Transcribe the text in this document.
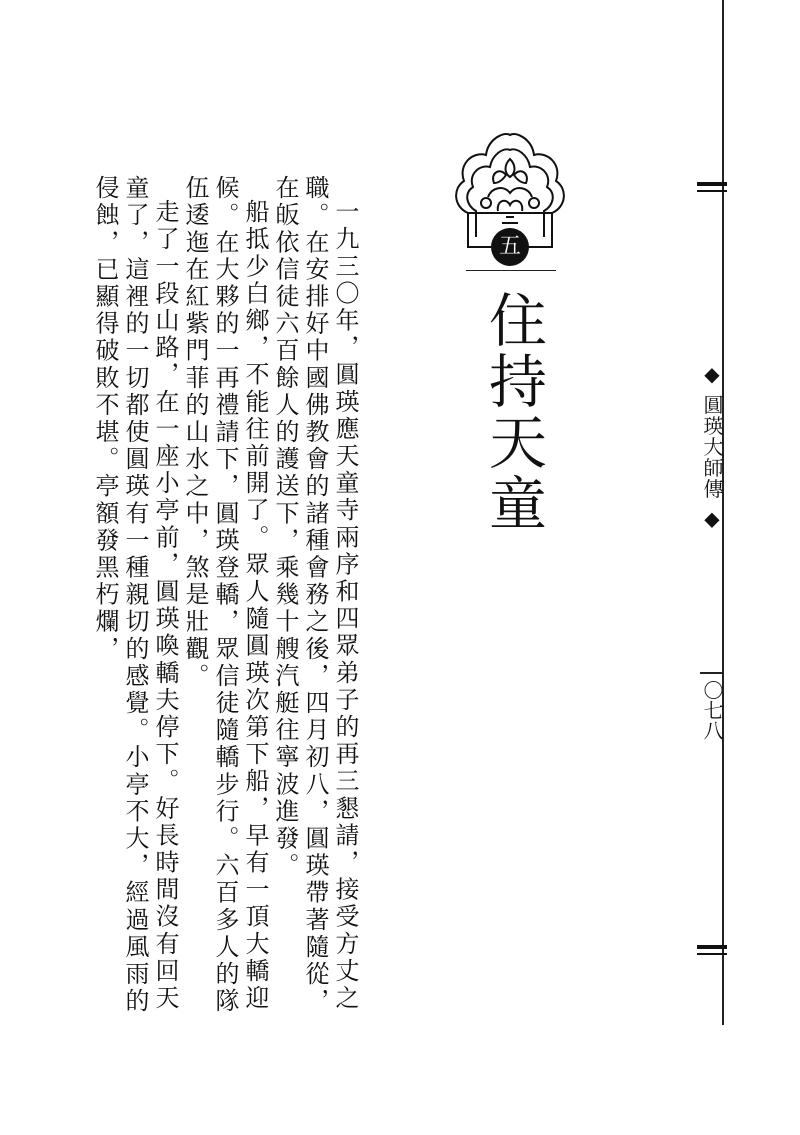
◆ 圓瑛大師傳 ◆
〇七八
五
住持天童

一九三〇年，圓瑛應天童寺兩序和四眾弟子的再三懇請，接受方丈之職。在安排好中國佛教會的諸種會務之後，四月初八，圓瑛帶著隨從，在皈依信徒六百餘人的護送下，乘幾十艘汽艇往寧波進發。

船抵少白鄉，不能往前開了。眾人隨圓瑛次第下船，早有一頂大轎迎候。在大夥的一再禮請下，圓瑛登轎，眾信徒隨轎步行。六百多人的隊伍逶迤在紅紫門菲的山水之中，煞是壯觀。

走了一段山路，在一座小亭前，圓瑛喚轎夫停下。好長時間沒有回天童了，這裡的一切都使圓瑛有一種親切的感覺。小亭不大，經過風雨的侵蝕，已顯得破敗不堪。亭額發黑朽爛，
